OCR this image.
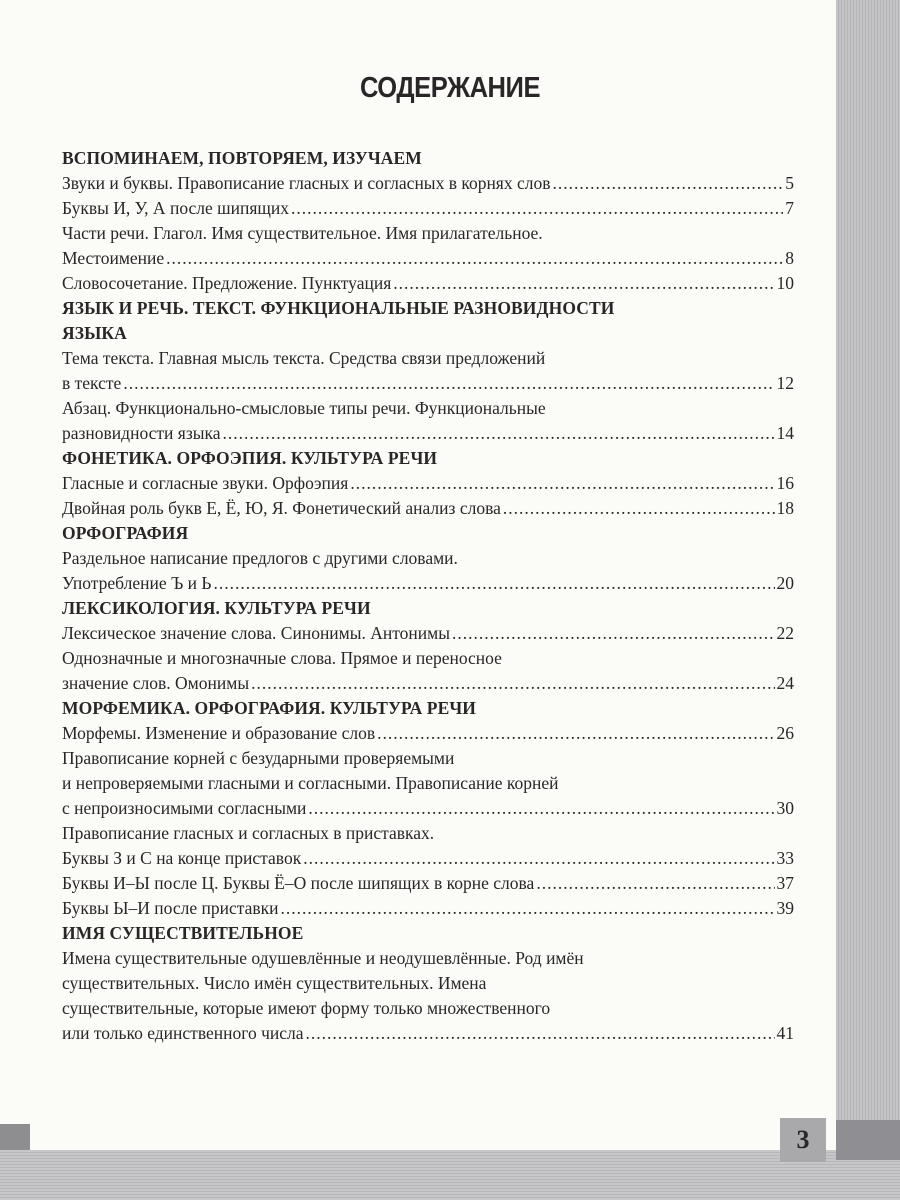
3
СОДЕРЖАНИЕ
ВСПОМИНАЕМ, ПОВТОРЯЕМ, ИЗУЧАЕМ
Звуки и буквы. Правописание гласных и согласных в корнях слов .....	5
Буквы И, У, А после шипящих .....	7
Части речи. Глагол. Имя существительное. Имя прилагательное.
Местоимение .....	8
Словосочетание. Предложение. Пунктуация .....	10
ЯЗЫК И РЕЧЬ. ТЕКСТ. ФУНКЦИОНАЛЬНЫЕ РАЗНОВИДНОСТИ
ЯЗЫКА
Тема текста. Главная мысль текста. Средства связи предложений
в тексте .....	12
Абзац. Функционально-смысловые типы речи. Функциональные
разновидности языка .....	14
ФОНЕТИКА. ОРФОЭПИЯ. КУЛЬТУРА РЕЧИ
Гласные и согласные звуки. Орфоэпия .....	16
Двойная роль букв Е, Ё, Ю, Я. Фонетический анализ слова .....	18
ОРФОГРАФИЯ
Раздельное написание предлогов с другими словами.
Употребление Ъ и Ь .....	20
ЛЕКСИКОЛОГИЯ. КУЛЬТУРА РЕЧИ
Лексическое значение слова. Синонимы. Антонимы .....	22
Однозначные и многозначные слова. Прямое и переносное
значение слов. Омонимы .....	24
МОРФЕМИКА. ОРФОГРАФИЯ. КУЛЬТУРА РЕЧИ
Морфемы. Изменение и образование слов .....	26
Правописание корней с безударными проверяемыми
и непроверяемыми гласными и согласными. Правописание корней
с непроизносимыми согласными .....	30
Правописание гласных и согласных в приставках.
Буквы З и С на конце приставок .....	33
Буквы И–Ы после Ц. Буквы Ё–О после шипящих в корне слова .....	37
Буквы Ы–И после приставки .....	39
ИМЯ СУЩЕСТВИТЕЛЬНОЕ
Имена существительные одушевлённые и неодушевлённые. Род имён
существительных. Число имён существительных. Имена
существительные, которые имеют форму только множественного
или только единственного числа .....	41
